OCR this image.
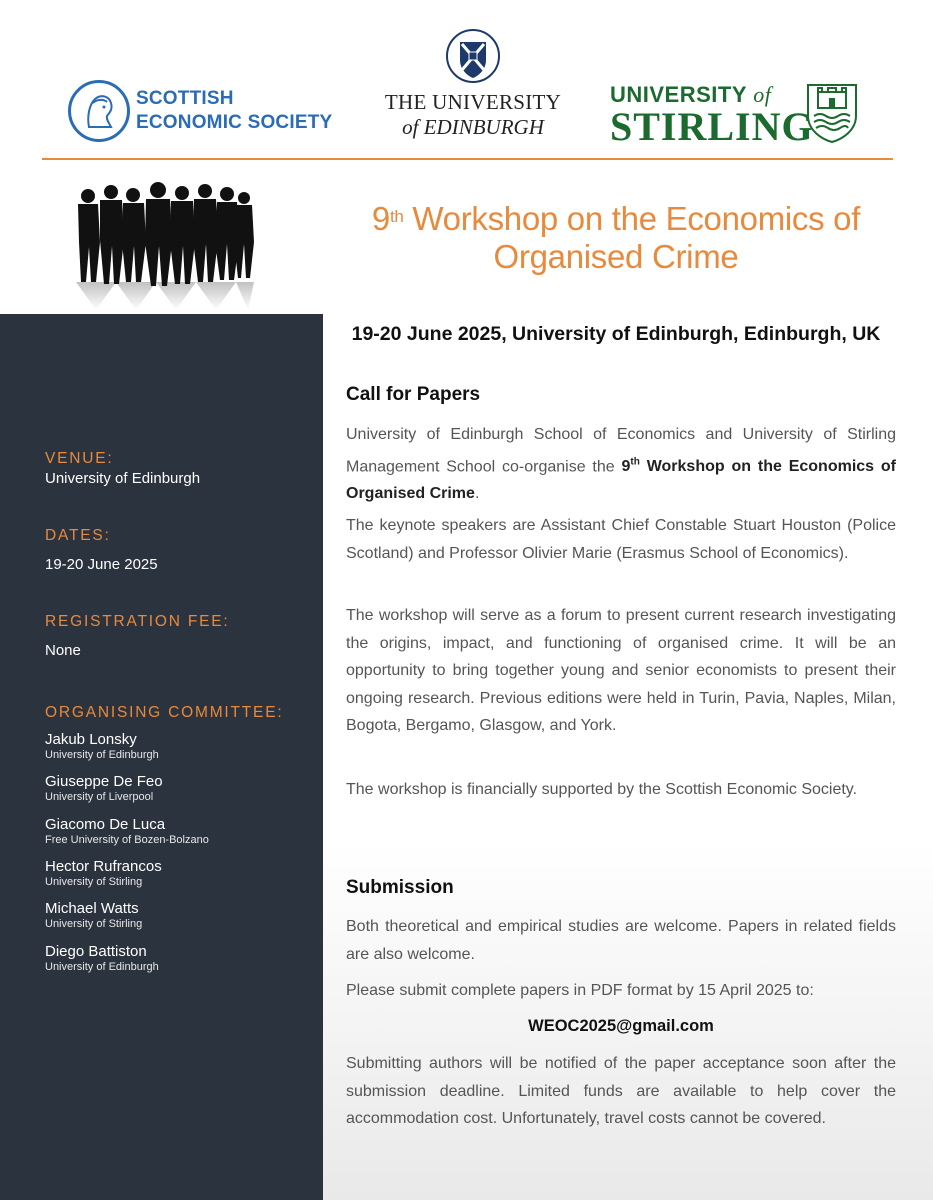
SCOTTISH
ECONOMIC SOCIETY
THE UNIVERSITY
of EDINBURGH
UNIVERSITY of
STIRLING
9th Workshop on the Economics of
Organised Crime
VENUE:
University of Edinburgh
DATES:
19-20 June 2025
REGISTRATION FEE:
None
ORGANISING COMMITTEE:
Jakub Lonsky
University of Edinburgh
Giuseppe De Feo
University of Liverpool
Giacomo De Luca
Free University of Bozen-Bolzano
Hector Rufrancos
University of Stirling
Michael Watts
University of Stirling
Diego Battiston
University of Edinburgh
19-20 June 2025, University of Edinburgh, Edinburgh, UK
Call for Papers
University of Edinburgh School of Economics and University of Stirling Management School co-organise the 9th Workshop on the Economics of Organised Crime.
The keynote speakers are Assistant Chief Constable Stuart Houston (Police Scotland) and Professor Olivier Marie (Erasmus School of Economics).
The workshop will serve as a forum to present current research investigating the origins, impact, and functioning of organised crime. It will be an opportunity to bring together young and senior economists to present their ongoing research. Previous editions were held in Turin, Pavia, Naples, Milan, Bogota, Bergamo, Glasgow, and York.
The workshop is financially supported by the Scottish Economic Society.
Submission
Both theoretical and empirical studies are welcome. Papers in related fields are also welcome.
Please submit complete papers in PDF format by 15 April 2025 to:
WEOC2025@gmail.com
Submitting authors will be notified of the paper acceptance soon after the submission deadline. Limited funds are available to help cover the accommodation cost. Unfortunately, travel costs cannot be covered.
